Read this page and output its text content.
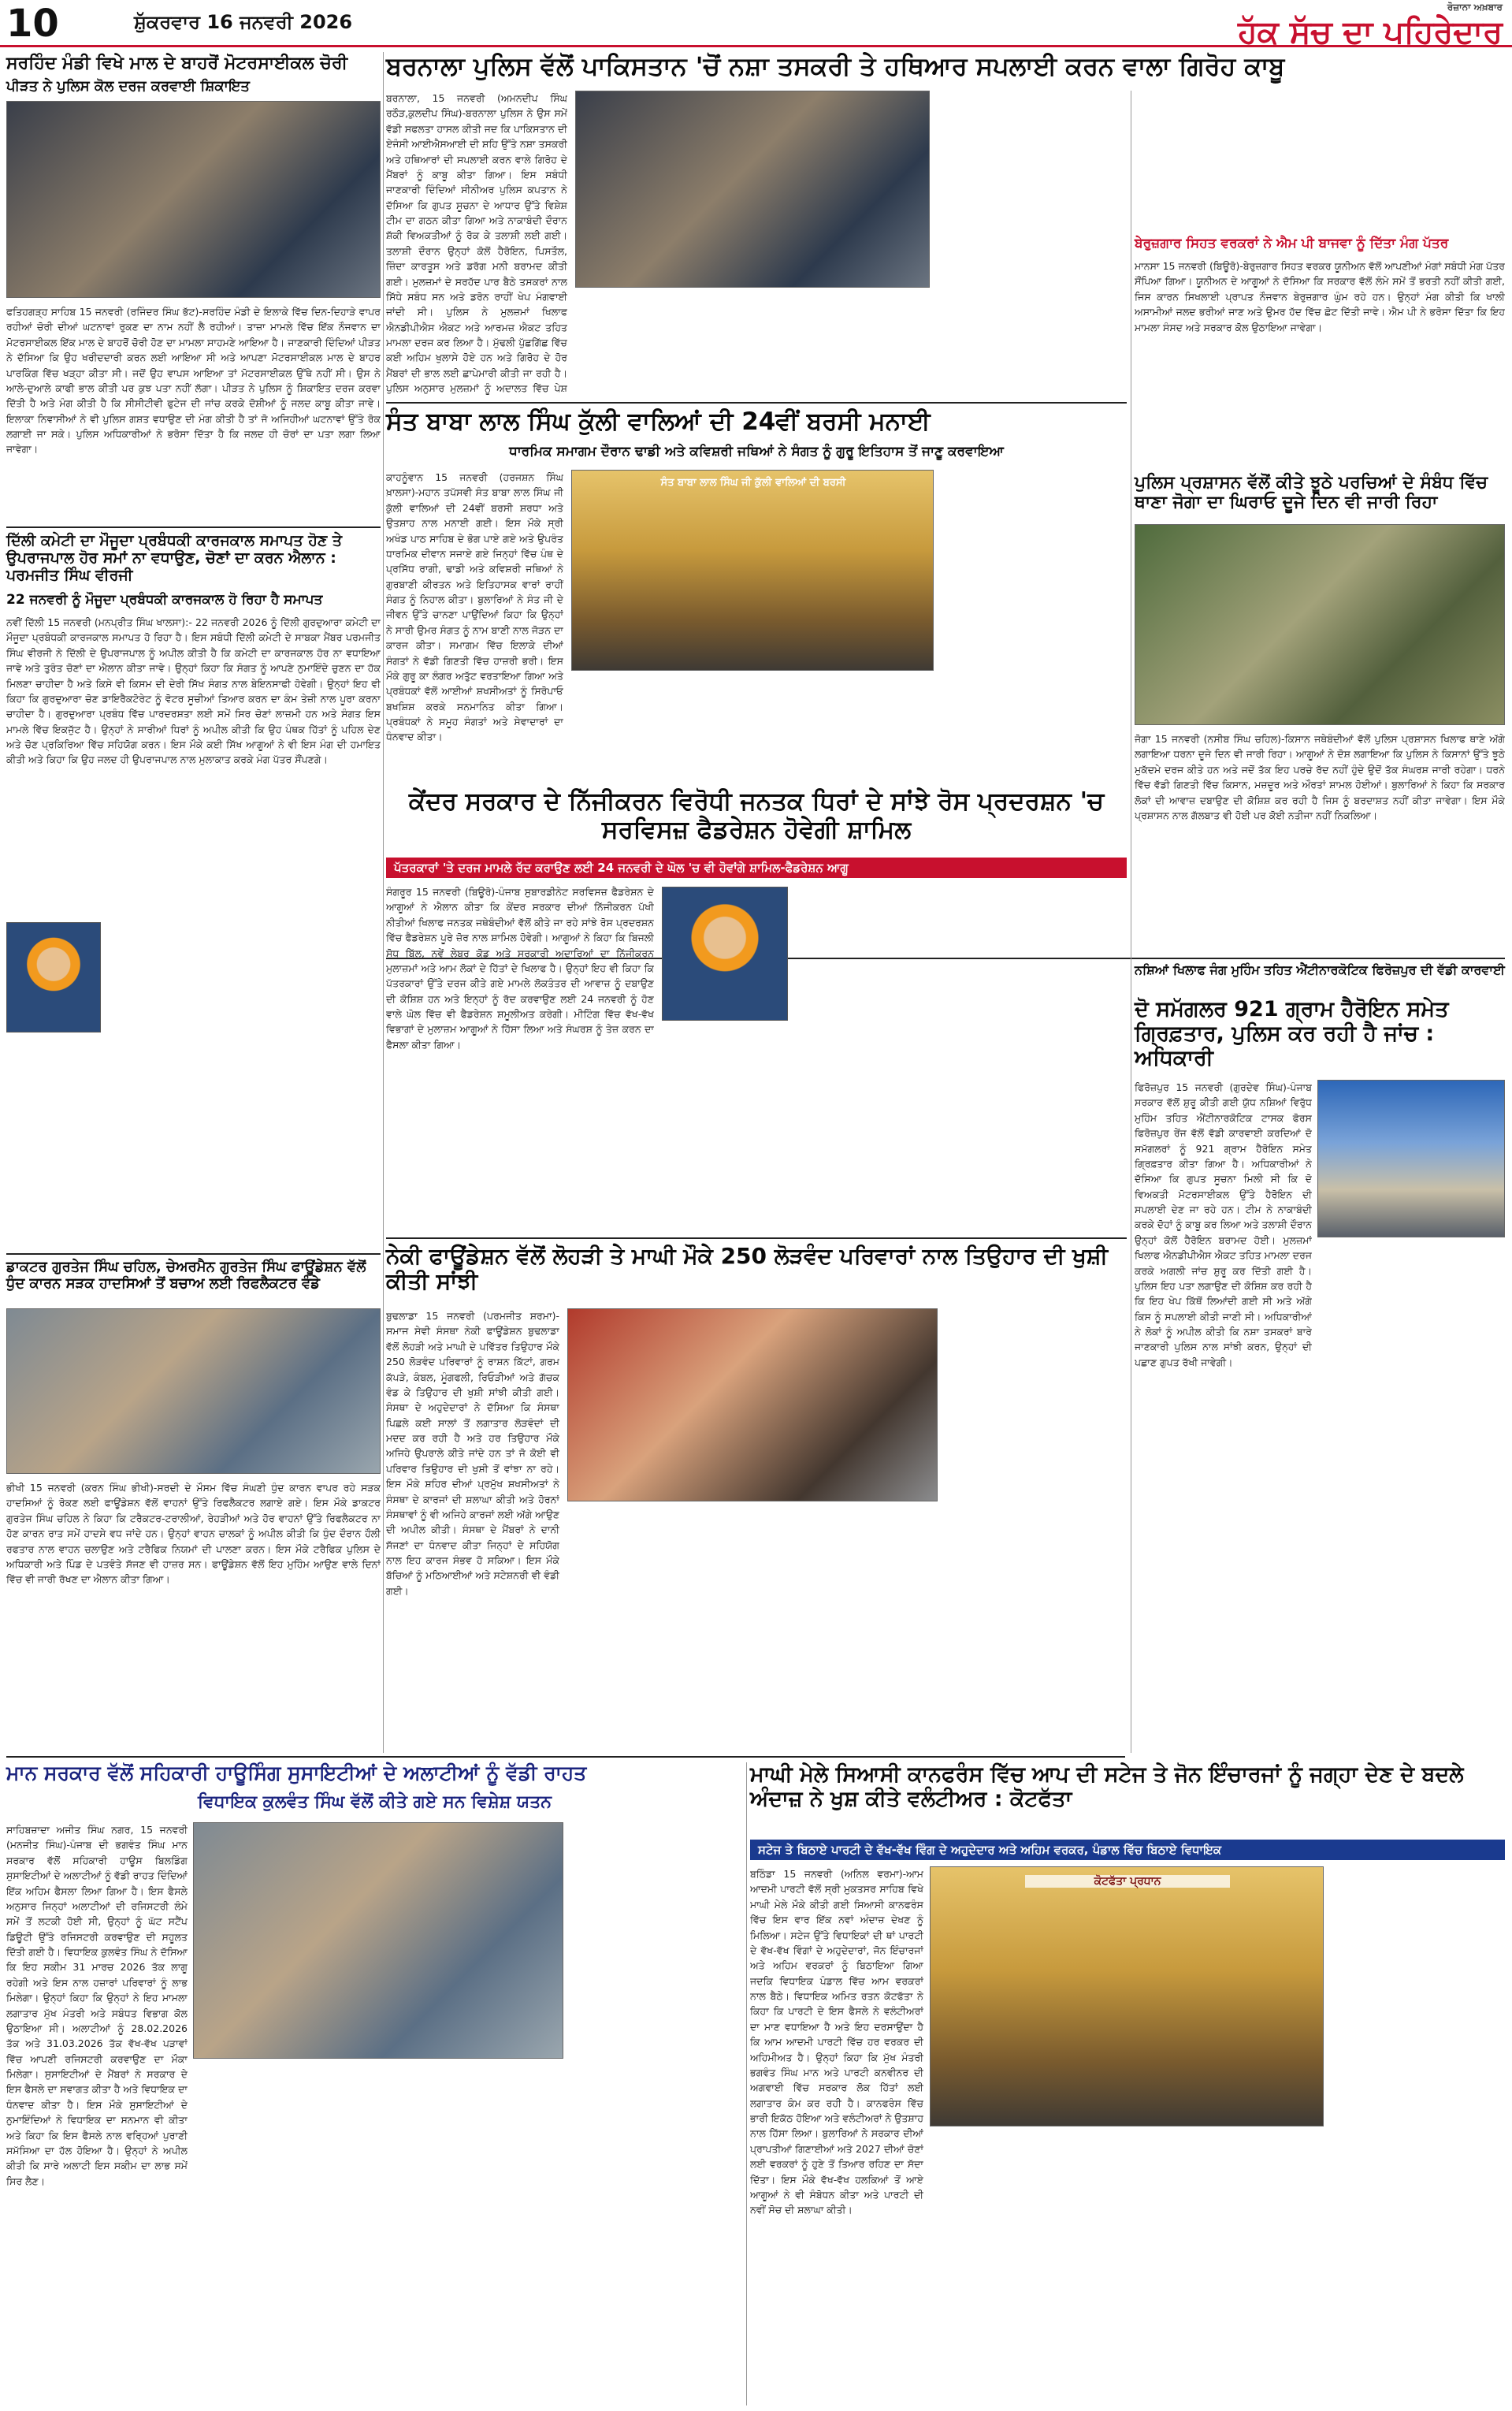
10	ਸ਼ੁੱਕਰਵਾਰ 16 ਜਨਵਰੀ 2026
ਰੋਜ਼ਾਨਾ ਅਖ਼ਬਾਰ
ਹੱਕ ਸੱਚ ਦਾ ਪਹਿਰੇਦਾਰ
ਸਰਹਿੰਦ ਮੰਡੀ ਵਿਖੇ ਮਾਲ ਦੇ ਬਾਹਰੋਂ ਮੋਟਰਸਾਈਕਲ ਚੋਰੀ
ਪੀੜਤ ਨੇ ਪੁਲਿਸ ਕੋਲ ਦਰਜ ਕਰਵਾਈ ਸ਼ਿਕਾਇਤ
ਫਤਿਹਗੜ੍ਹ ਸਾਹਿਬ 15 ਜਨਵਰੀ (ਰਜਿੰਦਰ ਸਿੰਘ ਭੱਟ)-ਸਰਹਿੰਦ ਮੰਡੀ ਦੇ ਇਲਾਕੇ ਵਿੱਚ ਦਿਨ-ਦਿਹਾੜੇ ਵਾਪਰ ਰਹੀਆਂ ਚੋਰੀ ਦੀਆਂ ਘਟਨਾਵਾਂ ਰੁਕਣ ਦਾ ਨਾਮ ਨਹੀਂ ਲੈ ਰਹੀਆਂ। ਤਾਜ਼ਾ ਮਾਮਲੇ ਵਿੱਚ ਇੱਕ ਨੌਜਵਾਨ ਦਾ ਮੋਟਰਸਾਈਕਲ ਇੱਕ ਮਾਲ ਦੇ ਬਾਹਰੋਂ ਚੋਰੀ ਹੋਣ ਦਾ ਮਾਮਲਾ ਸਾਹਮਣੇ ਆਇਆ ਹੈ। ਜਾਣਕਾਰੀ ਦਿੰਦਿਆਂ ਪੀੜਤ ਨੇ ਦੱਸਿਆ ਕਿ ਉਹ ਖਰੀਦਦਾਰੀ ਕਰਨ ਲਈ ਆਇਆ ਸੀ ਅਤੇ ਆਪਣਾ ਮੋਟਰਸਾਈਕਲ ਮਾਲ ਦੇ ਬਾਹਰ ਪਾਰਕਿੰਗ ਵਿੱਚ ਖੜ੍ਹਾ ਕੀਤਾ ਸੀ। ਜਦੋਂ ਉਹ ਵਾਪਸ ਆਇਆ ਤਾਂ ਮੋਟਰਸਾਈਕਲ ਉੱਥੇ ਨਹੀਂ ਸੀ। ਉਸ ਨੇ ਆਲੇ-ਦੁਆਲੇ ਕਾਫੀ ਭਾਲ ਕੀਤੀ ਪਰ ਕੁਝ ਪਤਾ ਨਹੀਂ ਲੱਗਾ। ਪੀੜਤ ਨੇ ਪੁਲਿਸ ਨੂੰ ਸ਼ਿਕਾਇਤ ਦਰਜ ਕਰਵਾ ਦਿੱਤੀ ਹੈ ਅਤੇ ਮੰਗ ਕੀਤੀ ਹੈ ਕਿ ਸੀਸੀਟੀਵੀ ਫੁਟੇਜ ਦੀ ਜਾਂਚ ਕਰਕੇ ਦੋਸ਼ੀਆਂ ਨੂੰ ਜਲਦ ਕਾਬੂ ਕੀਤਾ ਜਾਵੇ। ਇਲਾਕਾ ਨਿਵਾਸੀਆਂ ਨੇ ਵੀ ਪੁਲਿਸ ਗਸ਼ਤ ਵਧਾਉਣ ਦੀ ਮੰਗ ਕੀਤੀ ਹੈ ਤਾਂ ਜੋ ਅਜਿਹੀਆਂ ਘਟਨਾਵਾਂ ਉੱਤੇ ਰੋਕ ਲਗਾਈ ਜਾ ਸਕੇ। ਪੁਲਿਸ ਅਧਿਕਾਰੀਆਂ ਨੇ ਭਰੋਸਾ ਦਿੱਤਾ ਹੈ ਕਿ ਜਲਦ ਹੀ ਚੋਰਾਂ ਦਾ ਪਤਾ ਲਗਾ ਲਿਆ ਜਾਵੇਗਾ।
ਦਿੱਲੀ ਕਮੇਟੀ ਦਾ ਮੌਜੂਦਾ ਪ੍ਰਬੰਧਕੀ ਕਾਰਜਕਾਲ ਸਮਾਪਤ ਹੋਣ ਤੇ ਉਪਰਾਜਪਾਲ ਹੋਰ ਸਮਾਂ ਨਾ ਵਧਾਉਣ, ਚੋਣਾਂ ਦਾ ਕਰਨ ਐਲਾਨ : ਪਰਮਜੀਤ ਸਿੰਘ ਵੀਰਜੀ
22 ਜਨਵਰੀ ਨੂੰ ਮੌਜੂਦਾ ਪ੍ਰਬੰਧਕੀ ਕਾਰਜਕਾਲ ਹੋ ਰਿਹਾ ਹੈ ਸਮਾਪਤ
ਨਵੀਂ ਦਿੱਲੀ 15 ਜਨਵਰੀ (ਮਨਪ੍ਰੀਤ ਸਿੰਘ ਖਾਲਸਾ):- 22 ਜਨਵਰੀ 2026 ਨੂੰ ਦਿੱਲੀ ਗੁਰਦੁਆਰਾ ਕਮੇਟੀ ਦਾ ਮੌਜੂਦਾ ਪ੍ਰਬੰਧਕੀ ਕਾਰਜਕਾਲ ਸਮਾਪਤ ਹੋ ਰਿਹਾ ਹੈ। ਇਸ ਸਬੰਧੀ ਦਿੱਲੀ ਕਮੇਟੀ ਦੇ ਸਾਬਕਾ ਮੈਂਬਰ ਪਰਮਜੀਤ ਸਿੰਘ ਵੀਰਜੀ ਨੇ ਦਿੱਲੀ ਦੇ ਉਪਰਾਜਪਾਲ ਨੂੰ ਅਪੀਲ ਕੀਤੀ ਹੈ ਕਿ ਕਮੇਟੀ ਦਾ ਕਾਰਜਕਾਲ ਹੋਰ ਨਾ ਵਧਾਇਆ ਜਾਵੇ ਅਤੇ ਤੁਰੰਤ ਚੋਣਾਂ ਦਾ ਐਲਾਨ ਕੀਤਾ ਜਾਵੇ। ਉਨ੍ਹਾਂ ਕਿਹਾ ਕਿ ਸੰਗਤ ਨੂੰ ਆਪਣੇ ਨੁਮਾਇੰਦੇ ਚੁਣਨ ਦਾ ਹੱਕ ਮਿਲਣਾ ਚਾਹੀਦਾ ਹੈ ਅਤੇ ਕਿਸੇ ਵੀ ਕਿਸਮ ਦੀ ਦੇਰੀ ਸਿੱਖ ਸੰਗਤ ਨਾਲ ਬੇਇਨਸਾਫੀ ਹੋਵੇਗੀ। ਉਨ੍ਹਾਂ ਇਹ ਵੀ ਕਿਹਾ ਕਿ ਗੁਰਦੁਆਰਾ ਚੋਣ ਡਾਇਰੈਕਟੋਰੇਟ ਨੂੰ ਵੋਟਰ ਸੂਚੀਆਂ ਤਿਆਰ ਕਰਨ ਦਾ ਕੰਮ ਤੇਜ਼ੀ ਨਾਲ ਪੂਰਾ ਕਰਨਾ ਚਾਹੀਦਾ ਹੈ। ਗੁਰਦੁਆਰਾ ਪ੍ਰਬੰਧ ਵਿੱਚ ਪਾਰਦਰਸ਼ਤਾ ਲਈ ਸਮੇਂ ਸਿਰ ਚੋਣਾਂ ਲਾਜ਼ਮੀ ਹਨ ਅਤੇ ਸੰਗਤ ਇਸ ਮਾਮਲੇ ਵਿੱਚ ਇਕਜੁੱਟ ਹੈ। ਉਨ੍ਹਾਂ ਨੇ ਸਾਰੀਆਂ ਧਿਰਾਂ ਨੂੰ ਅਪੀਲ ਕੀਤੀ ਕਿ ਉਹ ਪੰਥਕ ਹਿੱਤਾਂ ਨੂੰ ਪਹਿਲ ਦੇਣ ਅਤੇ ਚੋਣ ਪ੍ਰਕਿਰਿਆ ਵਿੱਚ ਸਹਿਯੋਗ ਕਰਨ। ਇਸ ਮੌਕੇ ਕਈ ਸਿੱਖ ਆਗੂਆਂ ਨੇ ਵੀ ਇਸ ਮੰਗ ਦੀ ਹਮਾਇਤ ਕੀਤੀ ਅਤੇ ਕਿਹਾ ਕਿ ਉਹ ਜਲਦ ਹੀ ਉਪਰਾਜਪਾਲ ਨਾਲ ਮੁਲਾਕਾਤ ਕਰਕੇ ਮੰਗ ਪੱਤਰ ਸੌਂਪਣਗੇ।
ਡਾਕਟਰ ਗੁਰਤੇਜ ਸਿੰਘ ਚਹਿਲ, ਚੇਅਰਮੈਨ ਗੁਰਤੇਜ ਸਿੰਘ ਫਾਊਂਡੇਸ਼ਨ ਵੱਲੋਂ ਧੁੰਦ ਕਾਰਨ ਸੜਕ ਹਾਦਸਿਆਂ ਤੋਂ ਬਚਾਅ ਲਈ ਰਿਫਲੈਕਟਰ ਵੰਡੇ
ਭੀਖੀ 15 ਜਨਵਰੀ (ਕਰਨ ਸਿੰਘ ਭੀਖੀ)-ਸਰਦੀ ਦੇ ਮੌਸਮ ਵਿੱਚ ਸੰਘਣੀ ਧੁੰਦ ਕਾਰਨ ਵਾਪਰ ਰਹੇ ਸੜਕ ਹਾਦਸਿਆਂ ਨੂੰ ਰੋਕਣ ਲਈ ਫਾਊਂਡੇਸ਼ਨ ਵੱਲੋਂ ਵਾਹਨਾਂ ਉੱਤੇ ਰਿਫਲੈਕਟਰ ਲਗਾਏ ਗਏ। ਇਸ ਮੌਕੇ ਡਾਕਟਰ ਗੁਰਤੇਜ ਸਿੰਘ ਚਹਿਲ ਨੇ ਕਿਹਾ ਕਿ ਟਰੈਕਟਰ-ਟਰਾਲੀਆਂ, ਰੇਹੜੀਆਂ ਅਤੇ ਹੋਰ ਵਾਹਨਾਂ ਉੱਤੇ ਰਿਫਲੈਕਟਰ ਨਾ ਹੋਣ ਕਾਰਨ ਰਾਤ ਸਮੇਂ ਹਾਦਸੇ ਵਧ ਜਾਂਦੇ ਹਨ। ਉਨ੍ਹਾਂ ਵਾਹਨ ਚਾਲਕਾਂ ਨੂੰ ਅਪੀਲ ਕੀਤੀ ਕਿ ਧੁੰਦ ਦੌਰਾਨ ਹੌਲੀ ਰਫਤਾਰ ਨਾਲ ਵਾਹਨ ਚਲਾਉਣ ਅਤੇ ਟਰੈਫਿਕ ਨਿਯਮਾਂ ਦੀ ਪਾਲਣਾ ਕਰਨ। ਇਸ ਮੌਕੇ ਟਰੈਫਿਕ ਪੁਲਿਸ ਦੇ ਅਧਿਕਾਰੀ ਅਤੇ ਪਿੰਡ ਦੇ ਪਤਵੰਤੇ ਸੱਜਣ ਵੀ ਹਾਜ਼ਰ ਸਨ। ਫਾਊਂਡੇਸ਼ਨ ਵੱਲੋਂ ਇਹ ਮੁਹਿੰਮ ਆਉਣ ਵਾਲੇ ਦਿਨਾਂ ਵਿੱਚ ਵੀ ਜਾਰੀ ਰੱਖਣ ਦਾ ਐਲਾਨ ਕੀਤਾ ਗਿਆ।
ਬਰਨਾਲਾ ਪੁਲਿਸ ਵੱਲੋਂ ਪਾਕਿਸਤਾਨ 'ਚੋਂ ਨਸ਼ਾ ਤਸਕਰੀ ਤੇ ਹਥਿਆਰ ਸਪਲਾਈ ਕਰਨ ਵਾਲਾ ਗਿਰੋਹ ਕਾਬੂ
ਬਰਨਾਲਾ, 15 ਜਨਵਰੀ (ਅਮਨਦੀਪ ਸਿੰਘ ਰਠੌੜ,ਕੁਲਦੀਪ ਸਿੰਘ)-ਬਰਨਾਲਾ ਪੁਲਿਸ ਨੇ ਉਸ ਸਮੇਂ ਵੱਡੀ ਸਫਲਤਾ ਹਾਸਲ ਕੀਤੀ ਜਦ ਕਿ ਪਾਕਿਸਤਾਨ ਦੀ ਏਜੰਸੀ ਆਈਐਸਆਈ ਦੀ ਸ਼ਹਿ ਉੱਤੇ ਨਸ਼ਾ ਤਸਕਰੀ ਅਤੇ ਹਥਿਆਰਾਂ ਦੀ ਸਪਲਾਈ ਕਰਨ ਵਾਲੇ ਗਿਰੋਹ ਦੇ ਮੈਂਬਰਾਂ ਨੂੰ ਕਾਬੂ ਕੀਤਾ ਗਿਆ। ਇਸ ਸਬੰਧੀ ਜਾਣਕਾਰੀ ਦਿੰਦਿਆਂ ਸੀਨੀਅਰ ਪੁਲਿਸ ਕਪਤਾਨ ਨੇ ਦੱਸਿਆ ਕਿ ਗੁਪਤ ਸੂਚਨਾ ਦੇ ਆਧਾਰ ਉੱਤੇ ਵਿਸ਼ੇਸ਼ ਟੀਮ ਦਾ ਗਠਨ ਕੀਤਾ ਗਿਆ ਅਤੇ ਨਾਕਾਬੰਦੀ ਦੌਰਾਨ ਸ਼ੱਕੀ ਵਿਅਕਤੀਆਂ ਨੂੰ ਰੋਕ ਕੇ ਤਲਾਸ਼ੀ ਲਈ ਗਈ। ਤਲਾਸ਼ੀ ਦੌਰਾਨ ਉਨ੍ਹਾਂ ਕੋਲੋਂ ਹੈਰੋਇਨ, ਪਿਸਤੌਲ, ਜ਼ਿੰਦਾ ਕਾਰਤੂਸ ਅਤੇ ਡਰੱਗ ਮਨੀ ਬਰਾਮਦ ਕੀਤੀ ਗਈ। ਮੁਲਜ਼ਮਾਂ ਦੇ ਸਰਹੱਦ ਪਾਰ ਬੈਠੇ ਤਸਕਰਾਂ ਨਾਲ ਸਿੱਧੇ ਸਬੰਧ ਸਨ ਅਤੇ ਡਰੋਨ ਰਾਹੀਂ ਖੇਪ ਮੰਗਵਾਈ ਜਾਂਦੀ ਸੀ। ਪੁਲਿਸ ਨੇ ਮੁਲਜ਼ਮਾਂ ਖਿਲਾਫ ਐਨਡੀਪੀਐਸ ਐਕਟ ਅਤੇ ਆਰਮਜ਼ ਐਕਟ ਤਹਿਤ ਮਾਮਲਾ ਦਰਜ ਕਰ ਲਿਆ ਹੈ। ਮੁੱਢਲੀ ਪੁੱਛਗਿੱਛ ਵਿੱਚ ਕਈ ਅਹਿਮ ਖੁਲਾਸੇ ਹੋਏ ਹਨ ਅਤੇ ਗਿਰੋਹ ਦੇ ਹੋਰ ਮੈਂਬਰਾਂ ਦੀ ਭਾਲ ਲਈ ਛਾਪੇਮਾਰੀ ਕੀਤੀ ਜਾ ਰਹੀ ਹੈ। ਪੁਲਿਸ ਅਨੁਸਾਰ ਮੁਲਜ਼ਮਾਂ ਨੂੰ ਅਦਾਲਤ ਵਿੱਚ ਪੇਸ਼
ਬੇਰੁਜ਼ਗਾਰ ਸਿਹਤ ਵਰਕਰਾਂ ਨੇ ਐਮ ਪੀ ਬਾਜਵਾ ਨੂੰ ਦਿੱਤਾ ਮੰਗ ਪੱਤਰ
ਮਾਨਸਾ 15 ਜਨਵਰੀ (ਬਿਊਰੋ)-ਬੇਰੁਜ਼ਗਾਰ ਸਿਹਤ ਵਰਕਰ ਯੂਨੀਅਨ ਵੱਲੋਂ ਆਪਣੀਆਂ ਮੰਗਾਂ ਸਬੰਧੀ ਮੰਗ ਪੱਤਰ ਸੌਂਪਿਆ ਗਿਆ। ਯੂਨੀਅਨ ਦੇ ਆਗੂਆਂ ਨੇ ਦੱਸਿਆ ਕਿ ਸਰਕਾਰ ਵੱਲੋਂ ਲੰਮੇ ਸਮੇਂ ਤੋਂ ਭਰਤੀ ਨਹੀਂ ਕੀਤੀ ਗਈ, ਜਿਸ ਕਾਰਨ ਸਿਖਲਾਈ ਪ੍ਰਾਪਤ ਨੌਜਵਾਨ ਬੇਰੁਜ਼ਗਾਰ ਘੁੰਮ ਰਹੇ ਹਨ। ਉਨ੍ਹਾਂ ਮੰਗ ਕੀਤੀ ਕਿ ਖਾਲੀ ਅਸਾਮੀਆਂ ਜਲਦ ਭਰੀਆਂ ਜਾਣ ਅਤੇ ਉਮਰ ਹੱਦ ਵਿੱਚ ਛੋਟ ਦਿੱਤੀ ਜਾਵੇ। ਐਮ ਪੀ ਨੇ ਭਰੋਸਾ ਦਿੱਤਾ ਕਿ ਇਹ ਮਾਮਲਾ ਸੰਸਦ ਅਤੇ ਸਰਕਾਰ ਕੋਲ ਉਠਾਇਆ ਜਾਵੇਗਾ।
ਪੁਲਿਸ ਪ੍ਰਸ਼ਾਸਨ ਵੱਲੋਂ ਕੀਤੇ ਝੂਠੇ ਪਰਚਿਆਂ ਦੇ ਸੰਬੰਧ ਵਿੱਚ ਥਾਣਾ ਜੋਗਾ ਦਾ ਘਿਰਾਓ ਦੂਜੇ ਦਿਨ ਵੀ ਜਾਰੀ ਰਿਹਾ
ਜੋਗਾ 15 ਜਨਵਰੀ (ਨਸੀਬ ਸਿੰਘ ਚਹਿਲ)-ਕਿਸਾਨ ਜਥੇਬੰਦੀਆਂ ਵੱਲੋਂ ਪੁਲਿਸ ਪ੍ਰਸ਼ਾਸਨ ਖਿਲਾਫ ਥਾਣੇ ਅੱਗੇ ਲਗਾਇਆ ਧਰਨਾ ਦੂਜੇ ਦਿਨ ਵੀ ਜਾਰੀ ਰਿਹਾ। ਆਗੂਆਂ ਨੇ ਦੋਸ਼ ਲਗਾਇਆ ਕਿ ਪੁਲਿਸ ਨੇ ਕਿਸਾਨਾਂ ਉੱਤੇ ਝੂਠੇ ਮੁਕੱਦਮੇ ਦਰਜ ਕੀਤੇ ਹਨ ਅਤੇ ਜਦੋਂ ਤੱਕ ਇਹ ਪਰਚੇ ਰੱਦ ਨਹੀਂ ਹੁੰਦੇ ਉਦੋਂ ਤੱਕ ਸੰਘਰਸ਼ ਜਾਰੀ ਰਹੇਗਾ। ਧਰਨੇ ਵਿੱਚ ਵੱਡੀ ਗਿਣਤੀ ਵਿੱਚ ਕਿਸਾਨ, ਮਜ਼ਦੂਰ ਅਤੇ ਔਰਤਾਂ ਸ਼ਾਮਲ ਹੋਈਆਂ। ਬੁਲਾਰਿਆਂ ਨੇ ਕਿਹਾ ਕਿ ਸਰਕਾਰ ਲੋਕਾਂ ਦੀ ਆਵਾਜ਼ ਦਬਾਉਣ ਦੀ ਕੋਸ਼ਿਸ਼ ਕਰ ਰਹੀ ਹੈ ਜਿਸ ਨੂੰ ਬਰਦਾਸ਼ਤ ਨਹੀਂ ਕੀਤਾ ਜਾਵੇਗਾ। ਇਸ ਮੌਕੇ ਪ੍ਰਸ਼ਾਸਨ ਨਾਲ ਗੱਲਬਾਤ ਵੀ ਹੋਈ ਪਰ ਕੋਈ ਨਤੀਜਾ ਨਹੀਂ ਨਿਕਲਿਆ।
ਸੰਤ ਬਾਬਾ ਲਾਲ ਸਿੰਘ ਕੁੱਲੀ ਵਾਲਿਆਂ ਦੀ 24ਵੀਂ ਬਰਸੀ ਮਨਾਈ
ਧਾਰਮਿਕ ਸਮਾਗਮ ਦੌਰਾਨ ਢਾਡੀ ਅਤੇ ਕਵਿਸ਼ਰੀ ਜਥਿਆਂ ਨੇ ਸੰਗਤ ਨੂੰ ਗੁਰੂ ਇਤਿਹਾਸ ਤੋਂ ਜਾਣੂ ਕਰਵਾਇਆ
ਕਾਹਨੂੰਵਾਨ 15 ਜਨਵਰੀ (ਹਰਜਸ਼ਨ ਸਿੰਘ ਖ਼ਾਲਸਾ)-ਮਹਾਨ ਤਪੱਸਵੀ ਸੰਤ ਬਾਬਾ ਲਾਲ ਸਿੰਘ ਜੀ ਕੁੱਲੀ ਵਾਲਿਆਂ ਦੀ 24ਵੀਂ ਬਰਸੀ ਸ਼ਰਧਾ ਅਤੇ ਉਤਸ਼ਾਹ ਨਾਲ ਮਨਾਈ ਗਈ। ਇਸ ਮੌਕੇ ਸ੍ਰੀ ਅਖੰਡ ਪਾਠ ਸਾਹਿਬ ਦੇ ਭੋਗ ਪਾਏ ਗਏ ਅਤੇ ਉਪਰੰਤ ਧਾਰਮਿਕ ਦੀਵਾਨ ਸਜਾਏ ਗਏ ਜਿਨ੍ਹਾਂ ਵਿੱਚ ਪੰਥ ਦੇ ਪ੍ਰਸਿੱਧ ਰਾਗੀ, ਢਾਡੀ ਅਤੇ ਕਵਿਸ਼ਰੀ ਜਥਿਆਂ ਨੇ ਗੁਰਬਾਣੀ ਕੀਰਤਨ ਅਤੇ ਇਤਿਹਾਸਕ ਵਾਰਾਂ ਰਾਹੀਂ ਸੰਗਤ ਨੂੰ ਨਿਹਾਲ ਕੀਤਾ। ਬੁਲਾਰਿਆਂ ਨੇ ਸੰਤ ਜੀ ਦੇ ਜੀਵਨ ਉੱਤੇ ਚਾਨਣਾ ਪਾਉਂਦਿਆਂ ਕਿਹਾ ਕਿ ਉਨ੍ਹਾਂ ਨੇ ਸਾਰੀ ਉਮਰ ਸੰਗਤ ਨੂੰ ਨਾਮ ਬਾਣੀ ਨਾਲ ਜੋੜਨ ਦਾ ਕਾਰਜ ਕੀਤਾ। ਸਮਾਗਮ ਵਿੱਚ ਇਲਾਕੇ ਦੀਆਂ ਸੰਗਤਾਂ ਨੇ ਵੱਡੀ ਗਿਣਤੀ ਵਿੱਚ ਹਾਜ਼ਰੀ ਭਰੀ। ਇਸ ਮੌਕੇ ਗੁਰੂ ਕਾ ਲੰਗਰ ਅਤੁੱਟ ਵਰਤਾਇਆ ਗਿਆ ਅਤੇ ਪ੍ਰਬੰਧਕਾਂ ਵੱਲੋਂ ਆਈਆਂ ਸ਼ਖਸੀਅਤਾਂ ਨੂੰ ਸਿਰੋਪਾਓ ਬਖਸ਼ਿਸ਼ ਕਰਕੇ ਸਨਮਾਨਿਤ ਕੀਤਾ ਗਿਆ। ਪ੍ਰਬੰਧਕਾਂ ਨੇ ਸਮੂਹ ਸੰਗਤਾਂ ਅਤੇ ਸੇਵਾਦਾਰਾਂ ਦਾ ਧੰਨਵਾਦ ਕੀਤਾ।
ਸੰਤ ਬਾਬਾ ਲਾਲ ਸਿੰਘ ਜੀ ਕੁੱਲੀ ਵਾਲਿਆਂ ਦੀ ਬਰਸੀ
ਕੇਂਦਰ ਸਰਕਾਰ ਦੇ ਨਿੱਜੀਕਰਨ ਵਿਰੋਧੀ ਜਨਤਕ ਧਿਰਾਂ ਦੇ ਸਾਂਝੇ ਰੋਸ ਪ੍ਰਦਰਸ਼ਨ 'ਚ ਸਰਵਿਸਜ਼ ਫੈਡਰੇਸ਼ਨ ਹੋਵੇਗੀ ਸ਼ਾਮਿਲ
ਪੱਤਰਕਾਰਾਂ 'ਤੇ ਦਰਜ ਮਾਮਲੇ ਰੱਦ ਕਰਾਉਣ ਲਈ 24 ਜਨਵਰੀ ਦੇ ਘੋਲ 'ਚ ਵੀ ਹੋਵਾਂਗੇ ਸ਼ਾਮਿਲ-ਫੈਡਰੇਸ਼ਨ ਆਗੂ
ਸੰਗਰੂਰ 15 ਜਨਵਰੀ (ਬਿਊਰੋ)-ਪੰਜਾਬ ਸੁਬਾਰਡੀਨੇਟ ਸਰਵਿਸਜ਼ ਫੈਡਰੇਸ਼ਨ ਦੇ ਆਗੂਆਂ ਨੇ ਐਲਾਨ ਕੀਤਾ ਕਿ ਕੇਂਦਰ ਸਰਕਾਰ ਦੀਆਂ ਨਿੱਜੀਕਰਨ ਪੱਖੀ ਨੀਤੀਆਂ ਖਿਲਾਫ ਜਨਤਕ ਜਥੇਬੰਦੀਆਂ ਵੱਲੋਂ ਕੀਤੇ ਜਾ ਰਹੇ ਸਾਂਝੇ ਰੋਸ ਪ੍ਰਦਰਸ਼ਨ ਵਿੱਚ ਫੈਡਰੇਸ਼ਨ ਪੂਰੇ ਜ਼ੋਰ ਨਾਲ ਸ਼ਾਮਿਲ ਹੋਵੇਗੀ। ਆਗੂਆਂ ਨੇ ਕਿਹਾ ਕਿ ਬਿਜਲੀ ਸੋਧ ਬਿੱਲ, ਨਵੇਂ ਲੇਬਰ ਕੋਡ ਅਤੇ ਸਰਕਾਰੀ ਅਦਾਰਿਆਂ ਦਾ ਨਿੱਜੀਕਰਨ ਮੁਲਾਜ਼ਮਾਂ ਅਤੇ ਆਮ ਲੋਕਾਂ ਦੇ ਹਿੱਤਾਂ ਦੇ ਖਿਲਾਫ ਹੈ। ਉਨ੍ਹਾਂ ਇਹ ਵੀ ਕਿਹਾ ਕਿ ਪੱਤਰਕਾਰਾਂ ਉੱਤੇ ਦਰਜ ਕੀਤੇ ਗਏ ਮਾਮਲੇ ਲੋਕਤੰਤਰ ਦੀ ਆਵਾਜ਼ ਨੂੰ ਦਬਾਉਣ ਦੀ ਕੋਸ਼ਿਸ਼ ਹਨ ਅਤੇ ਇਨ੍ਹਾਂ ਨੂੰ ਰੱਦ ਕਰਵਾਉਣ ਲਈ 24 ਜਨਵਰੀ ਨੂੰ ਹੋਣ ਵਾਲੇ ਘੋਲ ਵਿੱਚ ਵੀ ਫੈਡਰੇਸ਼ਨ ਸ਼ਮੂਲੀਅਤ ਕਰੇਗੀ। ਮੀਟਿੰਗ ਵਿੱਚ ਵੱਖ-ਵੱਖ ਵਿਭਾਗਾਂ ਦੇ ਮੁਲਾਜ਼ਮ ਆਗੂਆਂ ਨੇ ਹਿੱਸਾ ਲਿਆ ਅਤੇ ਸੰਘਰਸ਼ ਨੂੰ ਤੇਜ਼ ਕਰਨ ਦਾ ਫੈਸਲਾ ਕੀਤਾ ਗਿਆ।
ਨੇਕੀ ਫਾਊਂਡੇਸ਼ਨ ਵੱਲੋਂ ਲੋਹੜੀ ਤੇ ਮਾਘੀ ਮੌਕੇ 250 ਲੋੜਵੰਦ ਪਰਿਵਾਰਾਂ ਨਾਲ ਤਿਉਹਾਰ ਦੀ ਖੁਸ਼ੀ ਕੀਤੀ ਸਾਂਝੀ
ਬੁਢਲਾਡਾ 15 ਜਨਵਰੀ (ਪਰਮਜੀਤ ਸ਼ਰਮਾ)-ਸਮਾਜ ਸੇਵੀ ਸੰਸਥਾ ਨੇਕੀ ਫਾਊਂਡੇਸ਼ਨ ਬੁਢਲਾਡਾ ਵੱਲੋਂ ਲੋਹੜੀ ਅਤੇ ਮਾਘੀ ਦੇ ਪਵਿੱਤਰ ਤਿਉਹਾਰ ਮੌਕੇ 250 ਲੋੜਵੰਦ ਪਰਿਵਾਰਾਂ ਨੂੰ ਰਾਸ਼ਨ ਕਿੱਟਾਂ, ਗਰਮ ਕੱਪੜੇ, ਕੰਬਲ, ਮੂੰਗਫਲੀ, ਰਿਓੜੀਆਂ ਅਤੇ ਗੱਚਕ ਵੰਡ ਕੇ ਤਿਉਹਾਰ ਦੀ ਖੁਸ਼ੀ ਸਾਂਝੀ ਕੀਤੀ ਗਈ। ਸੰਸਥਾ ਦੇ ਅਹੁਦੇਦਾਰਾਂ ਨੇ ਦੱਸਿਆ ਕਿ ਸੰਸਥਾ ਪਿਛਲੇ ਕਈ ਸਾਲਾਂ ਤੋਂ ਲਗਾਤਾਰ ਲੋੜਵੰਦਾਂ ਦੀ ਮਦਦ ਕਰ ਰਹੀ ਹੈ ਅਤੇ ਹਰ ਤਿਉਹਾਰ ਮੌਕੇ ਅਜਿਹੇ ਉਪਰਾਲੇ ਕੀਤੇ ਜਾਂਦੇ ਹਨ ਤਾਂ ਜੋ ਕੋਈ ਵੀ ਪਰਿਵਾਰ ਤਿਉਹਾਰ ਦੀ ਖੁਸ਼ੀ ਤੋਂ ਵਾਂਝਾ ਨਾ ਰਹੇ। ਇਸ ਮੌਕੇ ਸ਼ਹਿਰ ਦੀਆਂ ਪ੍ਰਮੁੱਖ ਸ਼ਖਸੀਅਤਾਂ ਨੇ ਸੰਸਥਾ ਦੇ ਕਾਰਜਾਂ ਦੀ ਸ਼ਲਾਘਾ ਕੀਤੀ ਅਤੇ ਹੋਰਨਾਂ ਸੰਸਥਾਵਾਂ ਨੂੰ ਵੀ ਅਜਿਹੇ ਕਾਰਜਾਂ ਲਈ ਅੱਗੇ ਆਉਣ ਦੀ ਅਪੀਲ ਕੀਤੀ। ਸੰਸਥਾ ਦੇ ਮੈਂਬਰਾਂ ਨੇ ਦਾਨੀ ਸੱਜਣਾਂ ਦਾ ਧੰਨਵਾਦ ਕੀਤਾ ਜਿਨ੍ਹਾਂ ਦੇ ਸਹਿਯੋਗ ਨਾਲ ਇਹ ਕਾਰਜ ਸੰਭਵ ਹੋ ਸਕਿਆ। ਇਸ ਮੌਕੇ ਬੱਚਿਆਂ ਨੂੰ ਮਠਿਆਈਆਂ ਅਤੇ ਸਟੇਸ਼ਨਰੀ ਵੀ ਵੰਡੀ ਗਈ।
ਨਸ਼ਿਆਂ ਖਿਲਾਫ ਜੰਗ ਮੁਹਿੰਮ ਤਹਿਤ ਐਂਟੀਨਾਰਕੋਟਿਕ ਫਿਰੋਜ਼ਪੁਰ ਦੀ ਵੱਡੀ ਕਾਰਵਾਈ
ਦੋ ਸਮੱਗਲਰ 921 ਗ੍ਰਾਮ ਹੈਰੋਇਨ ਸਮੇਤ ਗ੍ਰਿਫ਼ਤਾਰ, ਪੁਲਿਸ ਕਰ ਰਹੀ ਹੈ ਜਾਂਚ : ਅਧਿਕਾਰੀ
ਫਿਰੋਜ਼ਪੁਰ 15 ਜਨਵਰੀ (ਗੁਰਦੇਵ ਸਿੰਘ)-ਪੰਜਾਬ ਸਰਕਾਰ ਵੱਲੋਂ ਸ਼ੁਰੂ ਕੀਤੀ ਗਈ ਯੁੱਧ ਨਸ਼ਿਆਂ ਵਿਰੁੱਧ ਮੁਹਿੰਮ ਤਹਿਤ ਐਂਟੀਨਾਰਕੋਟਿਕ ਟਾਸਕ ਫੋਰਸ ਫਿਰੋਜ਼ਪੁਰ ਰੇਂਜ ਵੱਲੋਂ ਵੱਡੀ ਕਾਰਵਾਈ ਕਰਦਿਆਂ ਦੋ ਸਮੱਗਲਰਾਂ ਨੂੰ 921 ਗ੍ਰਾਮ ਹੈਰੋਇਨ ਸਮੇਤ ਗ੍ਰਿਫ਼ਤਾਰ ਕੀਤਾ ਗਿਆ ਹੈ। ਅਧਿਕਾਰੀਆਂ ਨੇ ਦੱਸਿਆ ਕਿ ਗੁਪਤ ਸੂਚਨਾ ਮਿਲੀ ਸੀ ਕਿ ਦੋ ਵਿਅਕਤੀ ਮੋਟਰਸਾਈਕਲ ਉੱਤੇ ਹੈਰੋਇਨ ਦੀ ਸਪਲਾਈ ਦੇਣ ਜਾ ਰਹੇ ਹਨ। ਟੀਮ ਨੇ ਨਾਕਾਬੰਦੀ ਕਰਕੇ ਦੋਹਾਂ ਨੂੰ ਕਾਬੂ ਕਰ ਲਿਆ ਅਤੇ ਤਲਾਸ਼ੀ ਦੌਰਾਨ ਉਨ੍ਹਾਂ ਕੋਲੋਂ ਹੈਰੋਇਨ ਬਰਾਮਦ ਹੋਈ। ਮੁਲਜ਼ਮਾਂ ਖਿਲਾਫ ਐਨਡੀਪੀਐਸ ਐਕਟ ਤਹਿਤ ਮਾਮਲਾ ਦਰਜ ਕਰਕੇ ਅਗਲੀ ਜਾਂਚ ਸ਼ੁਰੂ ਕਰ ਦਿੱਤੀ ਗਈ ਹੈ। ਪੁਲਿਸ ਇਹ ਪਤਾ ਲਗਾਉਣ ਦੀ ਕੋਸ਼ਿਸ਼ ਕਰ ਰਹੀ ਹੈ ਕਿ ਇਹ ਖੇਪ ਕਿੱਥੋਂ ਲਿਆਂਦੀ ਗਈ ਸੀ ਅਤੇ ਅੱਗੇ ਕਿਸ ਨੂੰ ਸਪਲਾਈ ਕੀਤੀ ਜਾਣੀ ਸੀ। ਅਧਿਕਾਰੀਆਂ ਨੇ ਲੋਕਾਂ ਨੂੰ ਅਪੀਲ ਕੀਤੀ ਕਿ ਨਸ਼ਾ ਤਸਕਰਾਂ ਬਾਰੇ ਜਾਣਕਾਰੀ ਪੁਲਿਸ ਨਾਲ ਸਾਂਝੀ ਕਰਨ, ਉਨ੍ਹਾਂ ਦੀ ਪਛਾਣ ਗੁਪਤ ਰੱਖੀ ਜਾਵੇਗੀ।
ਮਾਨ ਸਰਕਾਰ ਵੱਲੋਂ ਸਹਿਕਾਰੀ ਹਾਊਸਿੰਗ ਸੁਸਾਇਟੀਆਂ ਦੇ ਅਲਾਟੀਆਂ ਨੂੰ ਵੱਡੀ ਰਾਹਤ
ਵਿਧਾਇਕ ਕੁਲਵੰਤ ਸਿੰਘ ਵੱਲੋਂ ਕੀਤੇ ਗਏ ਸਨ ਵਿਸ਼ੇਸ਼ ਯਤਨ
ਸਾਹਿਬਜ਼ਾਦਾ ਅਜੀਤ ਸਿੰਘ ਨਗਰ, 15 ਜਨਵਰੀ (ਮਨਜੀਤ ਸਿੰਘ)-ਪੰਜਾਬ ਦੀ ਭਗਵੰਤ ਸਿੰਘ ਮਾਨ ਸਰਕਾਰ ਵੱਲੋਂ ਸਹਿਕਾਰੀ ਹਾਊਸ ਬਿਲਡਿੰਗ ਸੁਸਾਇਟੀਆਂ ਦੇ ਅਲਾਟੀਆਂ ਨੂੰ ਵੱਡੀ ਰਾਹਤ ਦਿੰਦਿਆਂ ਇੱਕ ਅਹਿਮ ਫੈਸਲਾ ਲਿਆ ਗਿਆ ਹੈ। ਇਸ ਫੈਸਲੇ ਅਨੁਸਾਰ ਜਿਨ੍ਹਾਂ ਅਲਾਟੀਆਂ ਦੀ ਰਜਿਸਟਰੀ ਲੰਮੇ ਸਮੇਂ ਤੋਂ ਲਟਕੀ ਹੋਈ ਸੀ, ਉਨ੍ਹਾਂ ਨੂੰ ਘੱਟ ਸਟੈਂਪ ਡਿਊਟੀ ਉੱਤੇ ਰਜਿਸਟਰੀ ਕਰਵਾਉਣ ਦੀ ਸਹੂਲਤ ਦਿੱਤੀ ਗਈ ਹੈ। ਵਿਧਾਇਕ ਕੁਲਵੰਤ ਸਿੰਘ ਨੇ ਦੱਸਿਆ ਕਿ ਇਹ ਸਕੀਮ 31 ਮਾਰਚ 2026 ਤੱਕ ਲਾਗੂ ਰਹੇਗੀ ਅਤੇ ਇਸ ਨਾਲ ਹਜ਼ਾਰਾਂ ਪਰਿਵਾਰਾਂ ਨੂੰ ਲਾਭ ਮਿਲੇਗਾ। ਉਨ੍ਹਾਂ ਕਿਹਾ ਕਿ ਉਨ੍ਹਾਂ ਨੇ ਇਹ ਮਾਮਲਾ ਲਗਾਤਾਰ ਮੁੱਖ ਮੰਤਰੀ ਅਤੇ ਸਬੰਧਤ ਵਿਭਾਗ ਕੋਲ ਉਠਾਇਆ ਸੀ। ਅਲਾਟੀਆਂ ਨੂੰ 28.02.2026 ਤੱਕ ਅਤੇ 31.03.2026 ਤੱਕ ਵੱਖ-ਵੱਖ ਪੜਾਵਾਂ ਵਿੱਚ ਆਪਣੀ ਰਜਿਸਟਰੀ ਕਰਵਾਉਣ ਦਾ ਮੌਕਾ ਮਿਲੇਗਾ। ਸੁਸਾਇਟੀਆਂ ਦੇ ਮੈਂਬਰਾਂ ਨੇ ਸਰਕਾਰ ਦੇ ਇਸ ਫੈਸਲੇ ਦਾ ਸਵਾਗਤ ਕੀਤਾ ਹੈ ਅਤੇ ਵਿਧਾਇਕ ਦਾ ਧੰਨਵਾਦ ਕੀਤਾ ਹੈ। ਇਸ ਮੌਕੇ ਸੁਸਾਇਟੀਆਂ ਦੇ ਨੁਮਾਇੰਦਿਆਂ ਨੇ ਵਿਧਾਇਕ ਦਾ ਸਨਮਾਨ ਵੀ ਕੀਤਾ ਅਤੇ ਕਿਹਾ ਕਿ ਇਸ ਫੈਸਲੇ ਨਾਲ ਵਰ੍ਹਿਆਂ ਪੁਰਾਣੀ ਸਮੱਸਿਆ ਦਾ ਹੱਲ ਹੋਇਆ ਹੈ। ਉਨ੍ਹਾਂ ਨੇ ਅਪੀਲ ਕੀਤੀ ਕਿ ਸਾਰੇ ਅਲਾਟੀ ਇਸ ਸਕੀਮ ਦਾ ਲਾਭ ਸਮੇਂ ਸਿਰ ਲੈਣ।
ਮਾਘੀ ਮੇਲੇ ਸਿਆਸੀ ਕਾਨਫਰੰਸ ਵਿੱਚ ਆਪ ਦੀ ਸਟੇਜ ਤੇ ਜੋਨ ਇੰਚਾਰਜਾਂ ਨੂੰ ਜਗ੍ਹਾ ਦੇਣ ਦੇ ਬਦਲੇ ਅੰਦਾਜ਼ ਨੇ ਖੁਸ਼ ਕੀਤੇ ਵਲੰਟੀਅਰ : ਕੋਟਫੱਤਾ
ਸਟੇਜ ਤੇ ਬਿਠਾਏ ਪਾਰਟੀ ਦੇ ਵੱਖ-ਵੱਖ ਵਿੰਗ ਦੇ ਅਹੁਦੇਦਾਰ ਅਤੇ ਅਹਿਮ ਵਰਕਰ, ਪੰਡਾਲ ਵਿੱਚ ਬਿਠਾਏ ਵਿਧਾਇਕ
ਬਠਿੰਡਾ 15 ਜਨਵਰੀ (ਅਨਿਲ ਵਰਮਾ)-ਆਮ ਆਦਮੀ ਪਾਰਟੀ ਵੱਲੋਂ ਸ੍ਰੀ ਮੁਕਤਸਰ ਸਾਹਿਬ ਵਿਖੇ ਮਾਘੀ ਮੇਲੇ ਮੌਕੇ ਕੀਤੀ ਗਈ ਸਿਆਸੀ ਕਾਨਫਰੰਸ ਵਿੱਚ ਇਸ ਵਾਰ ਇੱਕ ਨਵਾਂ ਅੰਦਾਜ਼ ਦੇਖਣ ਨੂੰ ਮਿਲਿਆ। ਸਟੇਜ ਉੱਤੇ ਵਿਧਾਇਕਾਂ ਦੀ ਥਾਂ ਪਾਰਟੀ ਦੇ ਵੱਖ-ਵੱਖ ਵਿੰਗਾਂ ਦੇ ਅਹੁਦੇਦਾਰਾਂ, ਜੋਨ ਇੰਚਾਰਜਾਂ ਅਤੇ ਅਹਿਮ ਵਰਕਰਾਂ ਨੂੰ ਬਿਠਾਇਆ ਗਿਆ ਜਦਕਿ ਵਿਧਾਇਕ ਪੰਡਾਲ ਵਿੱਚ ਆਮ ਵਰਕਰਾਂ ਨਾਲ ਬੈਠੇ। ਵਿਧਾਇਕ ਅਮਿਤ ਰਤਨ ਕੋਟਫੱਤਾ ਨੇ ਕਿਹਾ ਕਿ ਪਾਰਟੀ ਦੇ ਇਸ ਫੈਸਲੇ ਨੇ ਵਲੰਟੀਅਰਾਂ ਦਾ ਮਾਣ ਵਧਾਇਆ ਹੈ ਅਤੇ ਇਹ ਦਰਸਾਉਂਦਾ ਹੈ ਕਿ ਆਮ ਆਦਮੀ ਪਾਰਟੀ ਵਿੱਚ ਹਰ ਵਰਕਰ ਦੀ ਅਹਿਮੀਅਤ ਹੈ। ਉਨ੍ਹਾਂ ਕਿਹਾ ਕਿ ਮੁੱਖ ਮੰਤਰੀ ਭਗਵੰਤ ਸਿੰਘ ਮਾਨ ਅਤੇ ਪਾਰਟੀ ਕਨਵੀਨਰ ਦੀ ਅਗਵਾਈ ਵਿੱਚ ਸਰਕਾਰ ਲੋਕ ਹਿੱਤਾਂ ਲਈ ਲਗਾਤਾਰ ਕੰਮ ਕਰ ਰਹੀ ਹੈ। ਕਾਨਫਰੰਸ ਵਿੱਚ ਭਾਰੀ ਇਕੱਠ ਹੋਇਆ ਅਤੇ ਵਲੰਟੀਅਰਾਂ ਨੇ ਉਤਸ਼ਾਹ ਨਾਲ ਹਿੱਸਾ ਲਿਆ। ਬੁਲਾਰਿਆਂ ਨੇ ਸਰਕਾਰ ਦੀਆਂ ਪ੍ਰਾਪਤੀਆਂ ਗਿਣਾਈਆਂ ਅਤੇ 2027 ਦੀਆਂ ਚੋਣਾਂ ਲਈ ਵਰਕਰਾਂ ਨੂੰ ਹੁਣੇ ਤੋਂ ਤਿਆਰ ਰਹਿਣ ਦਾ ਸੱਦਾ ਦਿੱਤਾ। ਇਸ ਮੌਕੇ ਵੱਖ-ਵੱਖ ਹਲਕਿਆਂ ਤੋਂ ਆਏ ਆਗੂਆਂ ਨੇ ਵੀ ਸੰਬੋਧਨ ਕੀਤਾ ਅਤੇ ਪਾਰਟੀ ਦੀ ਨਵੀਂ ਸੋਚ ਦੀ ਸ਼ਲਾਘਾ ਕੀਤੀ।
ਕੋਟਫੱਤਾ ਪ੍ਰਧਾਨ
